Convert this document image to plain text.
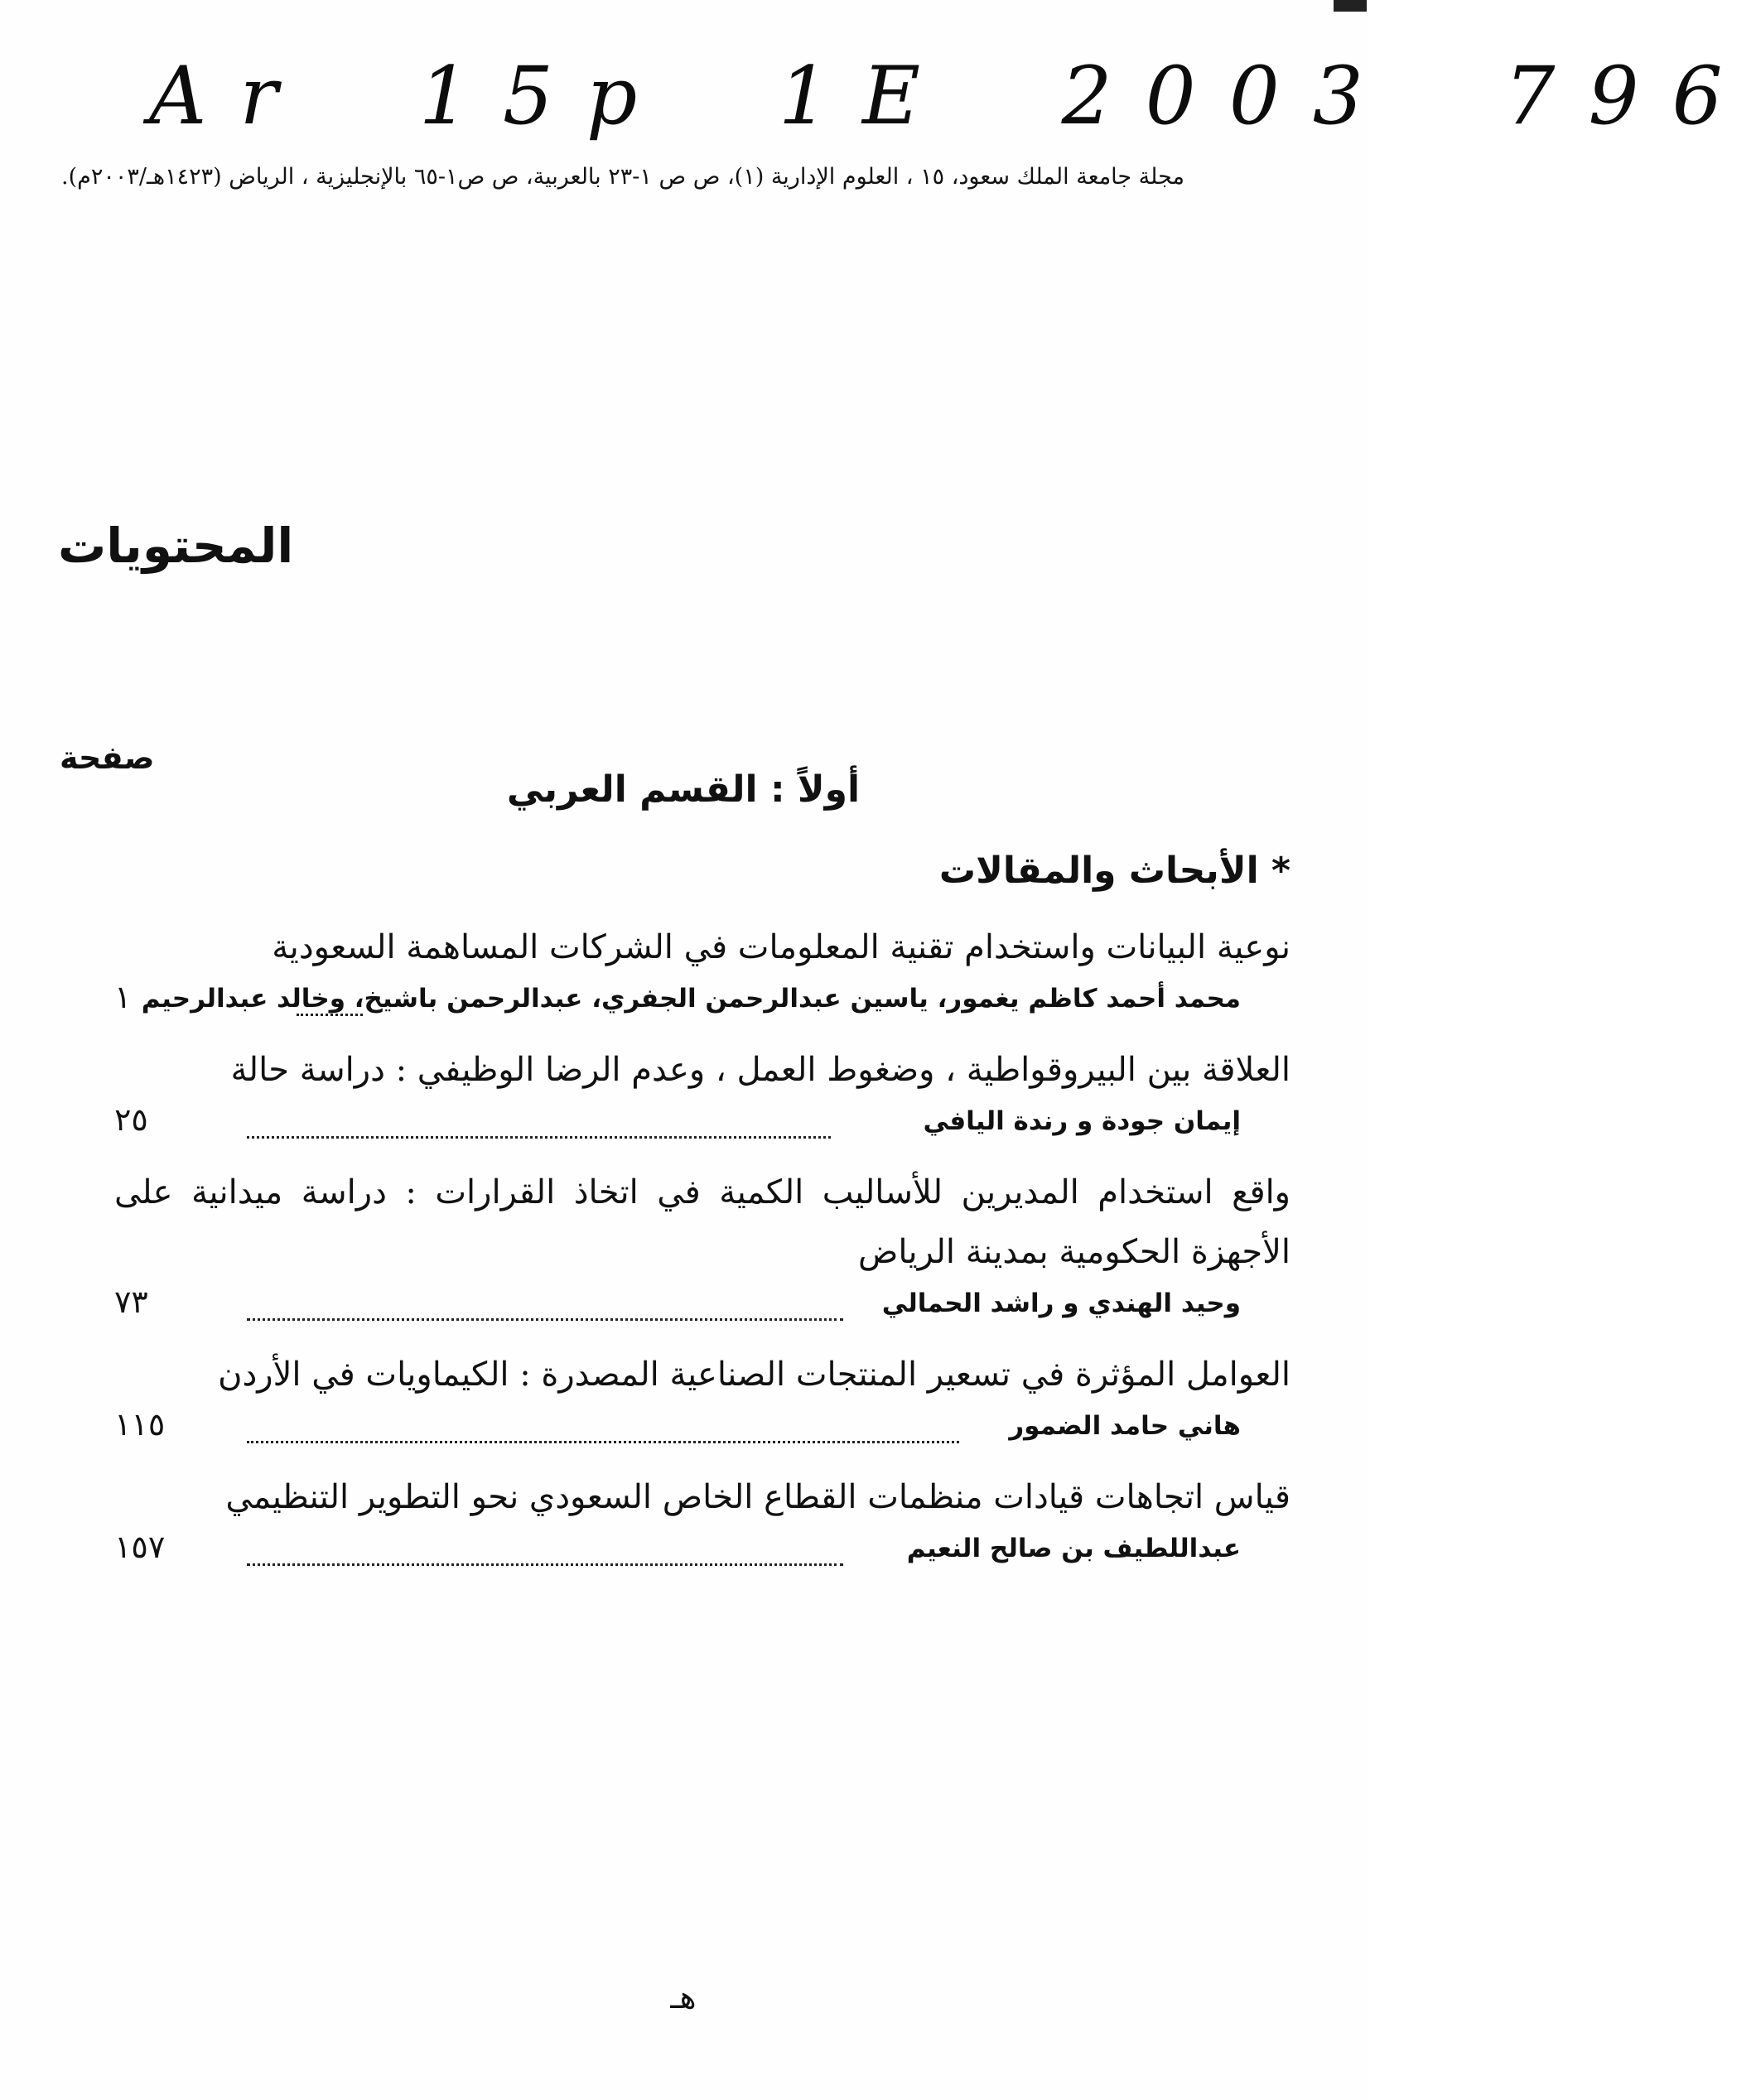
Ar 15p 1E 2003 796
مجلة جامعة الملك سعود، ١٥ ، العلوم الإدارية (١)، ص ص ١-٢٣ بالعربية، ص ص١-٦٥ بالإنجليزية ، الرياض (١٤٢٣هـ/٢٠٠٣م).
المحتويات
صفحة
أولاً : القسم العربي
* الأبحاث والمقالات
نوعية البيانات واستخدام تقنية المعلومات في الشركات المساهمة السعودية
محمد أحمد كاظم يغمور، ياسين عبدالرحمن الجفري، عبدالرحمن باشيخ، وخالد عبدالرحيم
١
العلاقة بين البيروقواطية ، وضغوط العمل ، وعدم الرضا الوظيفي : دراسة حالة
إيمان جودة و رندة اليافي
٢٥
واقع استخدام المديرين للأساليب الكمية في اتخاذ القرارات : دراسة ميدانية على الأجهزة الحكومية بمدينة الرياض
وحيد الهندي و راشد الحمالي
٧٣
العوامل المؤثرة في تسعير المنتجات الصناعية المصدرة : الكيماويات في الأردن
هاني حامد الضمور
١١٥
قياس اتجاهات قيادات منظمات القطاع الخاص السعودي نحو التطوير التنظيمي
عبداللطيف بن صالح النعيم
١٥٧
هـ
